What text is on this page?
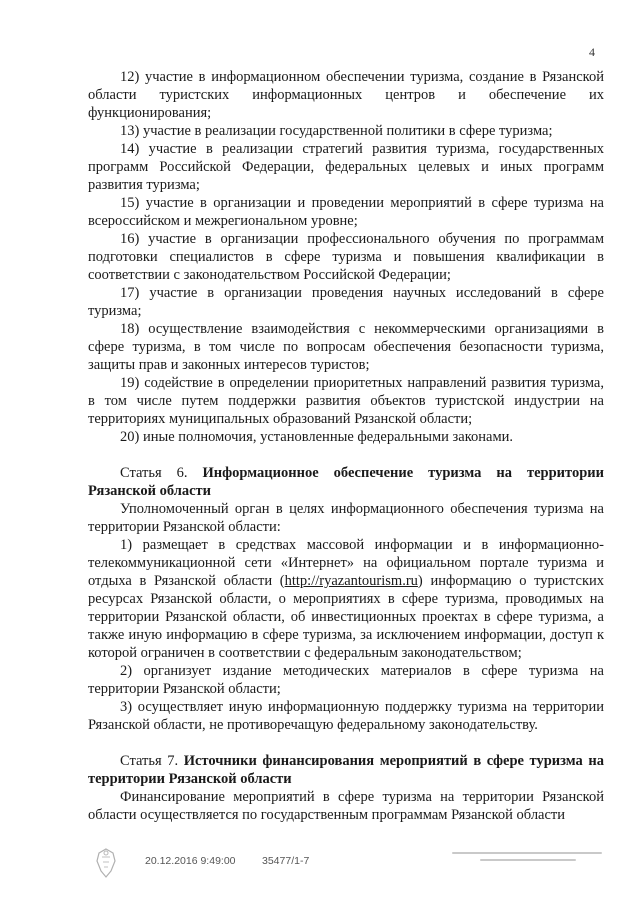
4

12) участие в информационном обеспечении туризма, создание в Рязанской области туристских информационных центров и обеспечение их функционирования;

13) участие в реализации государственной политики в сфере туризма;

14) участие в реализации стратегий развития туризма, государственных программ Российской Федерации, федеральных целевых и иных программ развития туризма;

15) участие в организации и проведении мероприятий в сфере туризма на всероссийском и межрегиональном уровне;

16) участие в организации профессионального обучения по программам подготовки специалистов в сфере туризма и повышения квалификации в соответствии с законодательством Российской Федерации;

17) участие в организации проведения научных исследований в сфере туризма;

18) осуществление взаимодействия с некоммерческими организациями в сфере туризма, в том числе по вопросам обеспечения безопасности туризма, защиты прав и законных интересов туристов;

19) содействие в определении приоритетных направлений развития туризма, в том числе путем поддержки развития объектов туристской индустрии на территориях муниципальных образований Рязанской области;

20) иные полномочия, установленные федеральными законами.

Статья 6. Информационное обеспечение туризма на территории Рязанской области

Уполномоченный орган в целях информационного обеспечения туризма на территории Рязанской области:

1) размещает в средствах массовой информации и в информационно-телекоммуникационной сети «Интернет» на официальном портале туризма и отдыха в Рязанской области (http://ryazantourism.ru) информацию о туристских ресурсах Рязанской области, о мероприятиях в сфере туризма, проводимых на территории Рязанской области, об инвестиционных проектах в сфере туризма, а также иную информацию в сфере туризма, за исключением информации, доступ к которой ограничен в соответствии с федеральным законодательством;

2) организует издание методических материалов в сфере туризма на территории Рязанской области;

3) осуществляет иную информационную поддержку туризма на территории Рязанской области, не противоречащую федеральному законодательству.

Статья 7. Источники финансирования мероприятий в сфере туризма на территории Рязанской области

Финансирование мероприятий в сфере туризма на территории Рязанской области осуществляется по государственным программам Рязанской области

20.12.2016 9:49:00	35477/1-7
